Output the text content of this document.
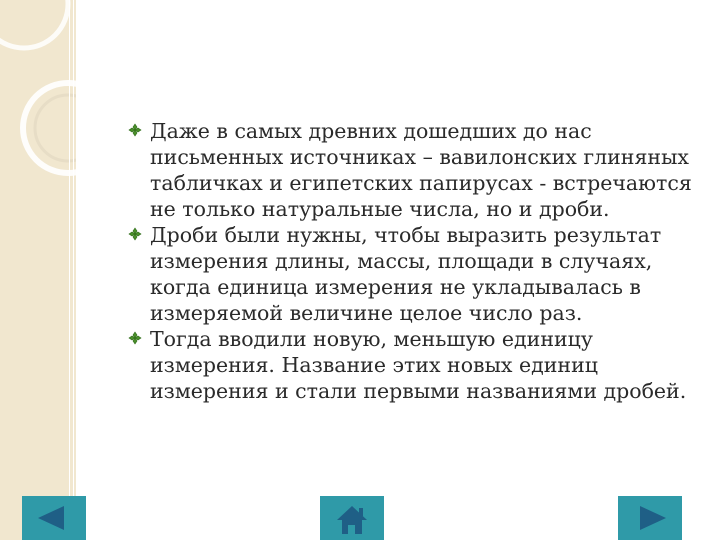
Даже в самых древних дошедших до нас письменных источниках – вавилонских глиняных табличках и египетских папирусах - встречаются не только натуральные числа, но и дроби.

Дроби были нужны, чтобы выразить результат измерения длины, массы, площади в случаях, когда единица измерения не укладывалась в измеряемой величине целое число раз.

Тогда вводили новую, меньшую единицу измерения. Название этих новых единиц измерения и стали первыми названиями дробей.
